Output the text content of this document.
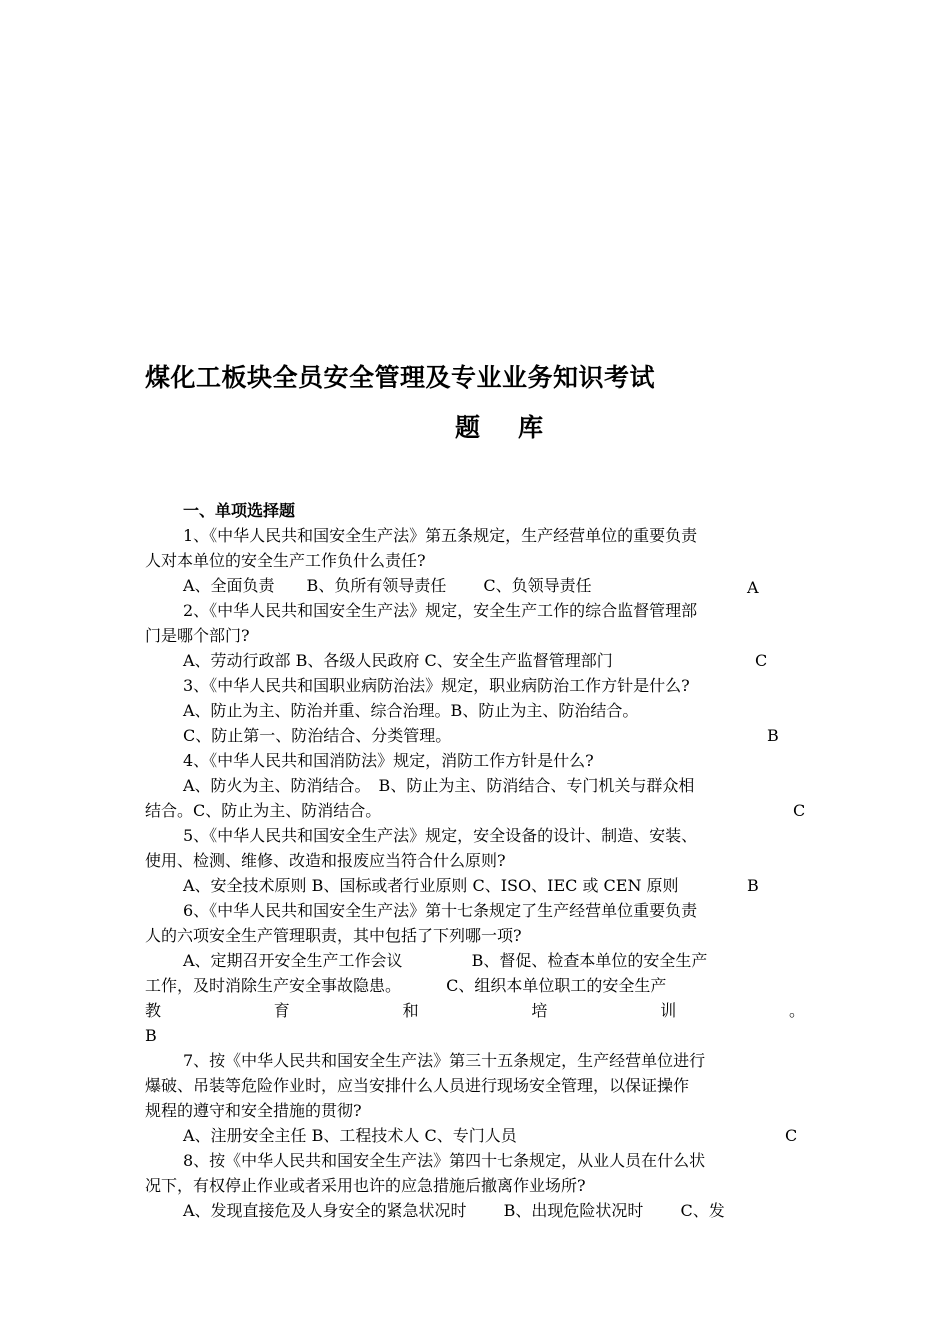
煤化工板块全员安全管理及专业业务知识考试
题 库
一、单项选择题
1、《中华人民共和国安全生产法》第五条规定，生产经营单位的重要负责
人对本单位的安全生产工作负什么责任?
A、全面负责　　B、负所有领导责任　　 C、负领导责任	A
2、《中华人民共和国安全生产法》规定，安全生产工作的综合监督管理部
门是哪个部门?
A、劳动行政部 B、各级人民政府 C、安全生产监督管理部门	C
3、《中华人民共和国职业病防治法》规定，职业病防治工作方针是什么?
A、防止为主、防治并重、综合治理。B、防止为主、防治结合。
C、防止第一、防治结合、分类管理。	B
4、《中华人民共和国消防法》规定，消防工作方针是什么?
A、防火为主、防消结合。　B、防止为主、防消结合、专门机关与群众相
结合。C、防止为主、防消结合。	C
5、《中华人民共和国安全生产法》规定，安全设备的设计、制造、安装、
使用、检测、维修、改造和报废应当符合什么原则?
A、安全技术原则 B、国标或者行业原则 C、ISO、IEC 或 CEN 原则	B
6、《中华人民共和国安全生产法》第十七条规定了生产经营单位重要负责
人的六项安全生产管理职责，其中包括了下列哪一项?
A、定期召开安全生产工作会议　　　　 B、督促、检查本单位的安全生产
工作，及时消除生产安全事故隐患。　　　 C、组织本单位职工的安全生产
教	育	和	培	训	。
B
7、按《中华人民共和国安全生产法》第三十五条规定，生产经营单位进行
爆破、吊装等危险作业时，应当安排什么人员进行现场安全管理，以保证操作
规程的遵守和安全措施的贯彻?
A、注册安全主任 B、工程技术人 C、专门人员	C
8、按《中华人民共和国安全生产法》第四十七条规定，从业人员在什么状
况下，有权停止作业或者采用也许的应急措施后撤离作业场所?
A、发现直接危及人身安全的紧急状况时　　 B、出现危险状况时　　 C、发
